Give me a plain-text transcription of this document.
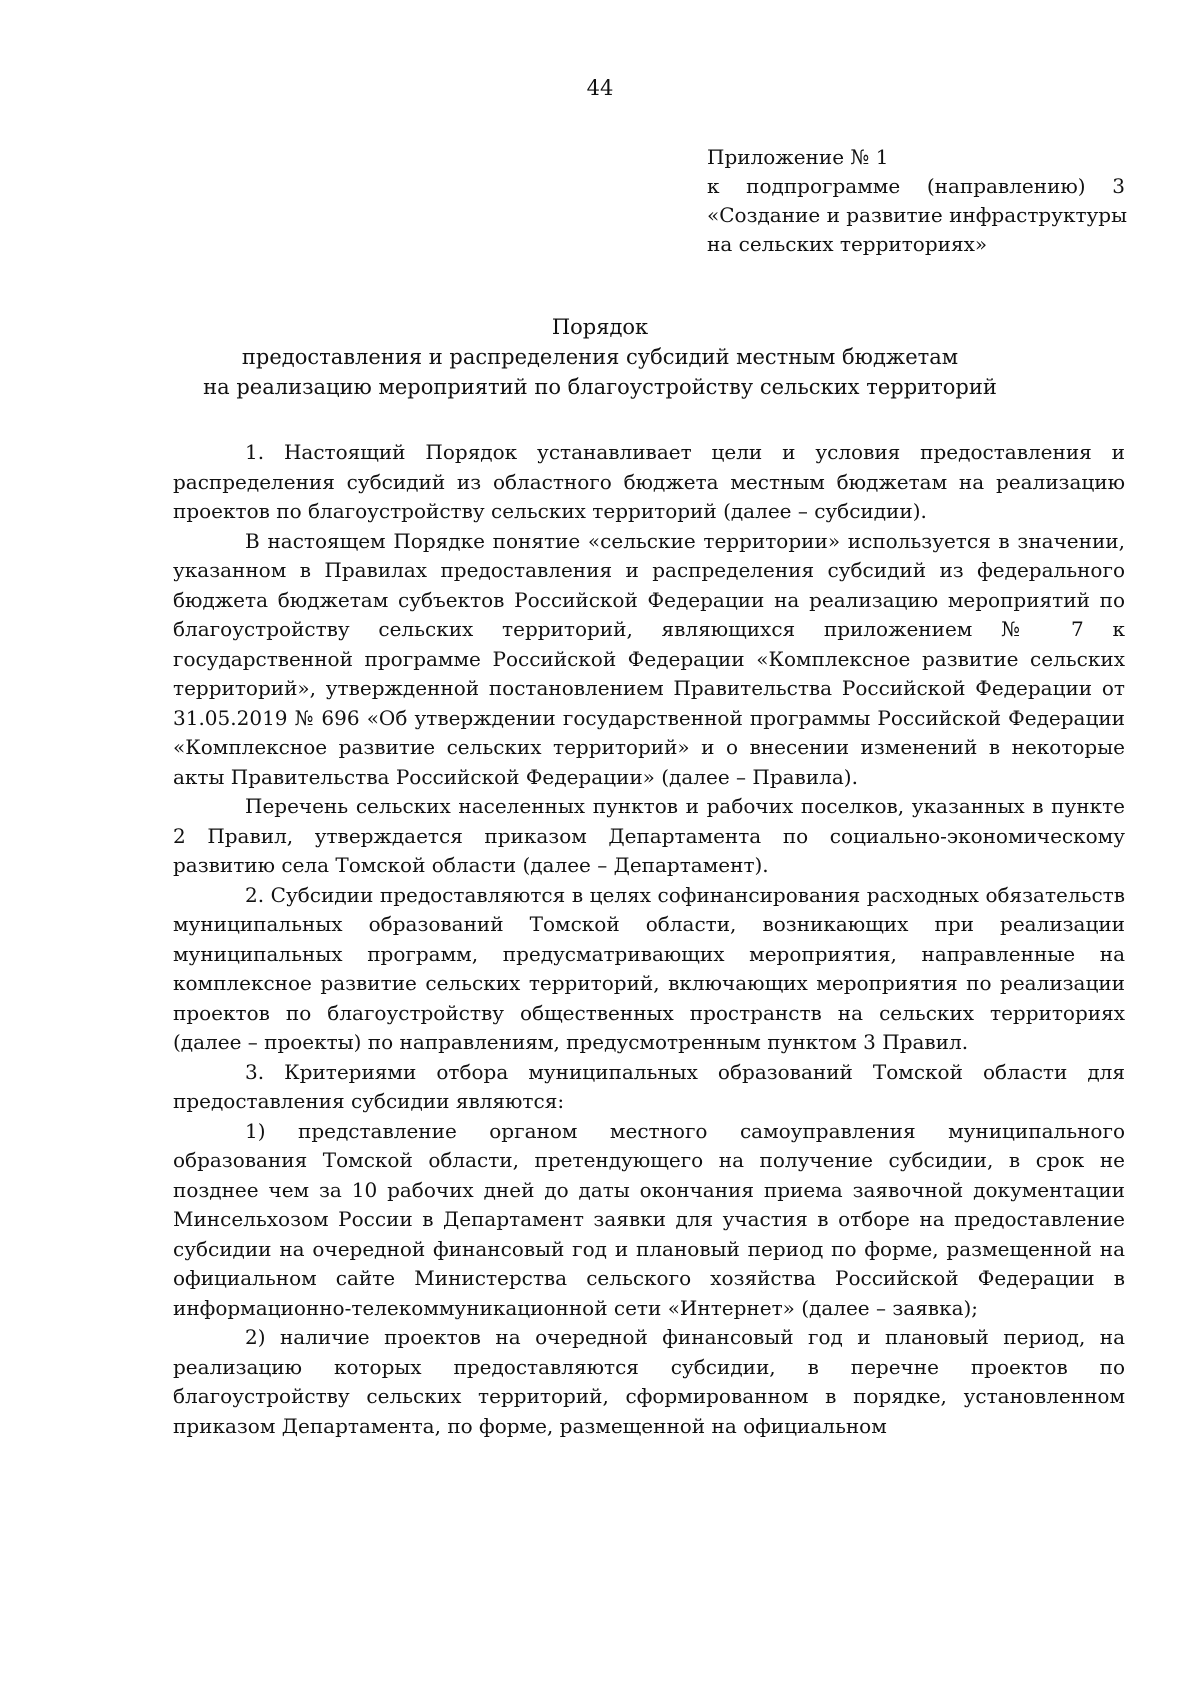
44
Приложение № 1
к подпрограмме (направлению) 3
«Создание и развитие инфраструктуры
на сельских территориях»
Порядок
предоставления и распределения субсидий местным бюджетам
на реализацию мероприятий по благоустройству сельских территорий

1. Настоящий Порядок устанавливает цели и условия предоставления и распределения субсидий из областного бюджета местным бюджетам на реализацию проектов по благоустройству сельских территорий (далее – субсидии).

В настоящем Порядке понятие «сельские территории» используется в значении, указанном в Правилах предоставления и распределения субсидий из федерального бюджета бюджетам субъектов Российской Федерации на реализацию мероприятий по благоустройству сельских территорий, являющихся приложением № 7 к государственной программе Российской Федерации «Комплексное развитие сельских территорий», утвержденной постановлением Правительства Российской Федерации от 31.05.2019 № 696 «Об утверждении государственной программы Российской Федерации «Комплексное развитие сельских территорий» и о внесении изменений в некоторые акты Правительства Российской Федерации» (далее – Правила).

Перечень сельских населенных пунктов и рабочих поселков, указанных в пункте 2 Правил, утверждается приказом Департамента по социально-экономическому развитию села Томской области (далее – Департамент).

2. Субсидии предоставляются в целях софинансирования расходных обязательств муниципальных образований Томской области, возникающих при реализации муниципальных программ, предусматривающих мероприятия, направленные на комплексное развитие сельских территорий, включающих мероприятия по реализации проектов по благоустройству общественных пространств на сельских территориях (далее – проекты) по направлениям, предусмотренным пунктом 3 Правил.

3. Критериями отбора муниципальных образований Томской области для предоставления субсидии являются:

1) представление органом местного самоуправления муниципального образования Томской области, претендующего на получение субсидии, в срок не позднее чем за 10 рабочих дней до даты окончания приема заявочной документации Минсельхозом России в Департамент заявки для участия в отборе на предоставление субсидии на очередной финансовый год и плановый период по форме, размещенной на официальном сайте Министерства сельского хозяйства Российской Федерации в информационно-телекоммуникационной сети «Интернет» (далее – заявка);

2) наличие проектов на очередной финансовый год и плановый период, на реализацию которых предоставляются субсидии, в перечне проектов по благоустройству сельских территорий, сформированном в порядке, установленном приказом Департамента, по форме, размещенной на официальном
